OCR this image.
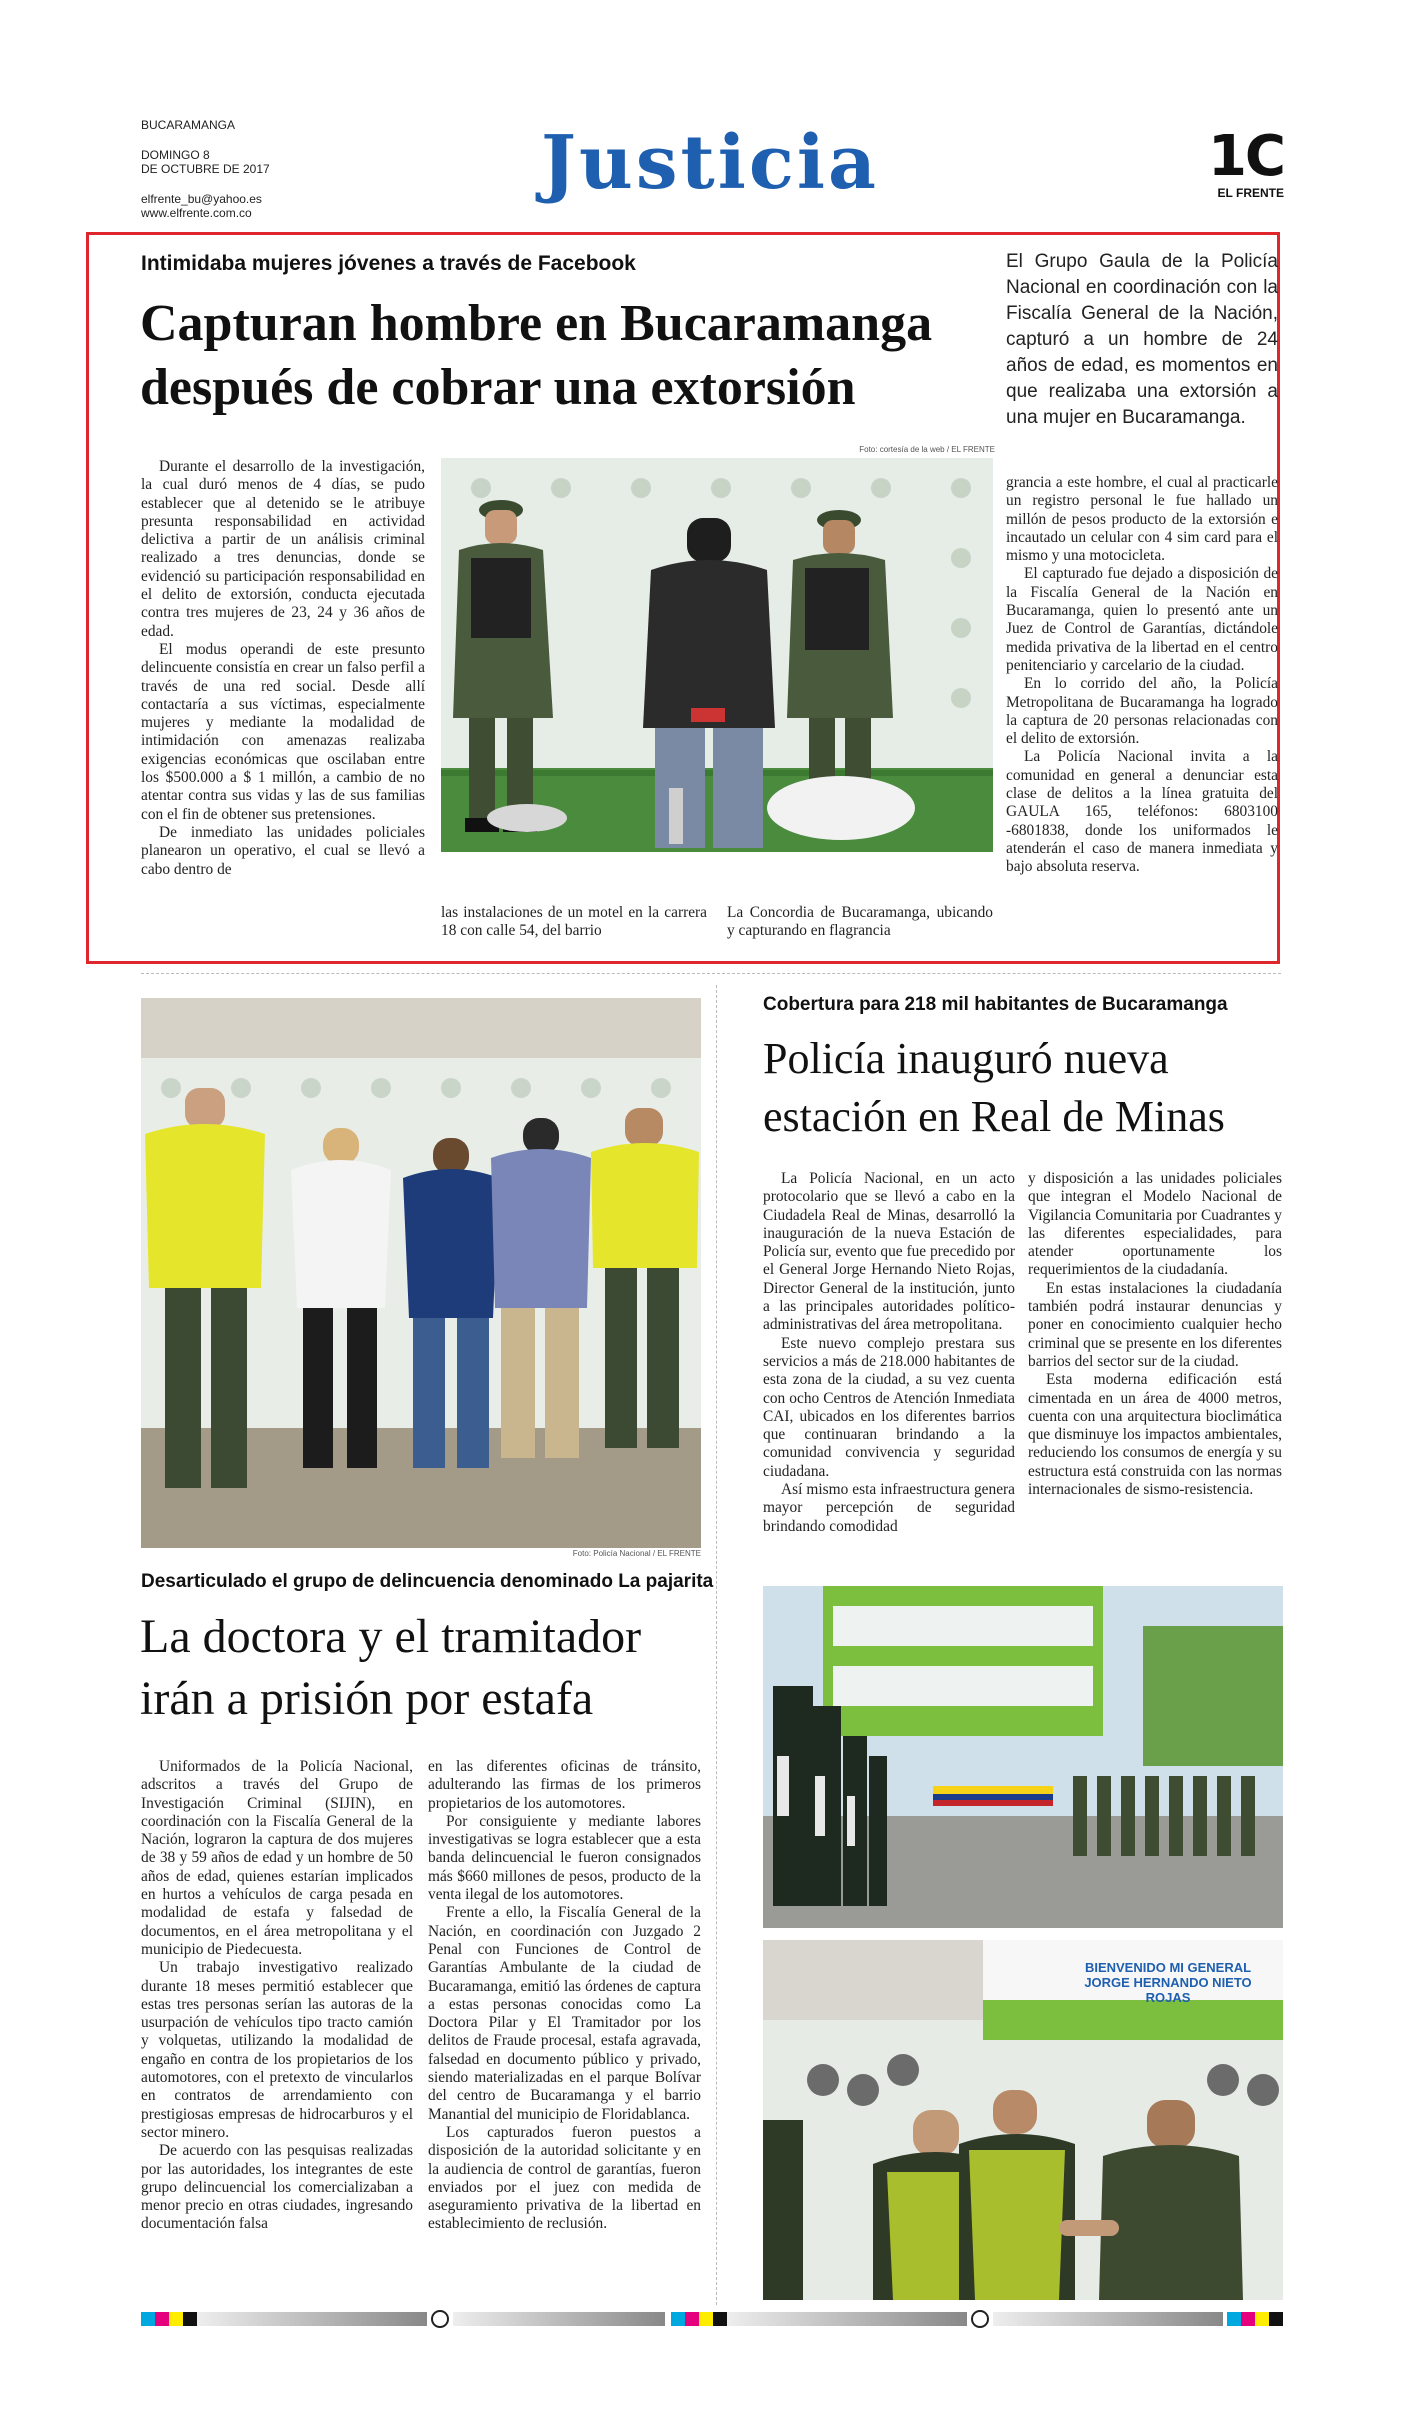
BUCARAMANGA
DOMINGO 8
DE OCTUBRE DE 2017
elfrente_bu@yahoo.es
www.elfrente.com.co
Justicia	1C
EL FRENTE
Intimidaba mujeres jóvenes a través de Facebook
Capturan hombre en Bucaramanga
después de cobrar una extorsión
El Grupo Gaula de la Policía Nacional en coordinación con la Fiscalía General de la Nación, capturó a un hombre de 24 años de edad, es momentos en que realizaba una extorsión a una mujer en Bucaramanga.
Foto: cortesía de la web / EL FRENTE

Durante el desarrollo de la investigación, la cual duró menos de 4 días, se pudo establecer que al detenido se le atribuye presunta responsabilidad en actividad delictiva a partir de un análisis criminal realizado a tres denuncias, donde se evidenció su participación responsabilidad en el delito de extorsión, conducta ejecutada contra tres mujeres de 23, 24 y 36 años de edad.

El modus operandi de este presunto delincuente consistía en crear un falso perfil a través de una red social. Desde allí contactaría a sus víctimas, especialmente mujeres y mediante la modalidad de intimidación con amenazas realizaba exigencias económicas que oscilaban entre los $500.000 a $ 1 millón, a cambio de no atentar contra sus vidas y las de sus familias con el fin de obtener sus pretensiones.

De inmediato las unidades policiales planearon un operativo, el cual se llevó a cabo dentro de

las instalaciones de un motel en la carrera 18 con calle 54, del barrio

La Concordia de Bucaramanga, ubicando y capturando en flagrancia

grancia a este hombre, el cual al practicarle un registro personal le fue hallado un millón de pesos producto de la extorsión e incautado un celular con 4 sim card para el mismo y una motocicleta.

El capturado fue dejado a disposición de la Fiscalía General de la Nación en Bucaramanga, quien lo presentó ante un Juez de Control de Garantías, dictándole medida privativa de la libertad en el centro penitenciario y carcelario de la ciudad.

En lo corrido del año, la Policía Metropolitana de Bucaramanga ha logrado la captura de 20 personas relacionadas con el delito de extorsión.

La Policía Nacional invita a la comunidad en general a denunciar esta clase de delitos a la línea gratuita del GAULA 165, teléfonos: 6803100 -6801838, donde los uniformados le atenderán el caso de manera inmediata y bajo absoluta reserva.

Foto: Policía Nacional / EL FRENTE
Desarticulado el grupo de delincuencia denominado La pajarita
La doctora y el tramitador
irán a prisión por estafa

Uniformados de la Policía Nacional, adscritos a través del Grupo de Investigación Criminal (SIJIN), en coordinación con la Fiscalía General de la Nación, lograron la captura de dos mujeres de 38 y 59 años de edad y un hombre de 50 años de edad, quienes estarían implicados en hurtos a vehículos de carga pesada en modalidad de estafa y falsedad de documentos, en el área metropolitana y el municipio de Piedecuesta.

Un trabajo investigativo realizado durante 18 meses permitió establecer que estas tres personas serían las autoras de la usurpación de vehículos tipo tracto camión y volquetas, utilizando la modalidad de engaño en contra de los propietarios de los automotores, con el pretexto de vincularlos en contratos de arrendamiento con prestigiosas empresas de hidrocarburos y el sector minero.

De acuerdo con las pesquisas realizadas por las autoridades, los integrantes de este grupo delincuencial los comercializaban a menor precio en otras ciudades, ingresando documentación falsa

en las diferentes oficinas de tránsito, adulterando las firmas de los primeros propietarios de los automotores.

Por consiguiente y mediante labores investigativas se logra establecer que a esta banda delincuencial le fueron consignados más $660 millones de pesos, producto de la venta ilegal de los automotores.

Frente a ello, la Fiscalía General de la Nación, en coordinación con Juzgado 2 Penal con Funciones de Control de Garantías Ambulante de la ciudad de Bucaramanga, emitió las órdenes de captura a estas personas conocidas como La Doctora Pilar y El Tramitador por los delitos de Fraude procesal, estafa agravada, falsedad en documento público y privado, siendo materializadas en el parque Bolívar del centro de Bucaramanga y el barrio Manantial del municipio de Floridablanca.

Los capturados fueron puestos a disposición de la autoridad solicitante y en la audiencia de control de garantías, fueron enviados por el juez con medida de aseguramiento privativa de la libertad en establecimiento de reclusión.

Cobertura para 218 mil habitantes de Bucaramanga
Policía inauguró nueva
estación en Real de Minas

La Policía Nacional, en un acto protocolario que se llevó a cabo en la Ciudadela Real de Minas, desarrolló la inauguración de la nueva Estación de Policía sur, evento que fue precedido por el General Jorge Hernando Nieto Rojas, Director General de la institución, junto a las principales autoridades político-administrativas del área metropolitana.

Este nuevo complejo prestara sus servicios a más de 218.000 habitantes de esta zona de la ciudad, a su vez cuenta con ocho Centros de Atención Inmediata CAI, ubicados en los diferentes barrios que continuaran brindando a la comunidad convivencia y seguridad ciudadana.

Así mismo esta infraestructura genera mayor percepción de seguridad brindando comodidad

y disposición a las unidades policiales que integran el Modelo Nacional de Vigilancia Comunitaria por Cuadrantes y las diferentes especialidades, para atender oportunamente los requerimientos de la ciudadanía.

En estas instalaciones la ciudadanía también podrá instaurar denuncias y poner en conocimiento cualquier hecho criminal que se presente en los diferentes barrios del sector sur de la ciudad.

Esta moderna edificación está cimentada en un área de 4000 metros, cuenta con una arquitectura bioclimática que disminuye los impactos ambientales, reduciendo los consumos de energía y su estructura está construida con las normas internacionales de sismo-resistencia.

BIENVENIDO MI GENERAL JORGE HERNANDO NIETO ROJAS
